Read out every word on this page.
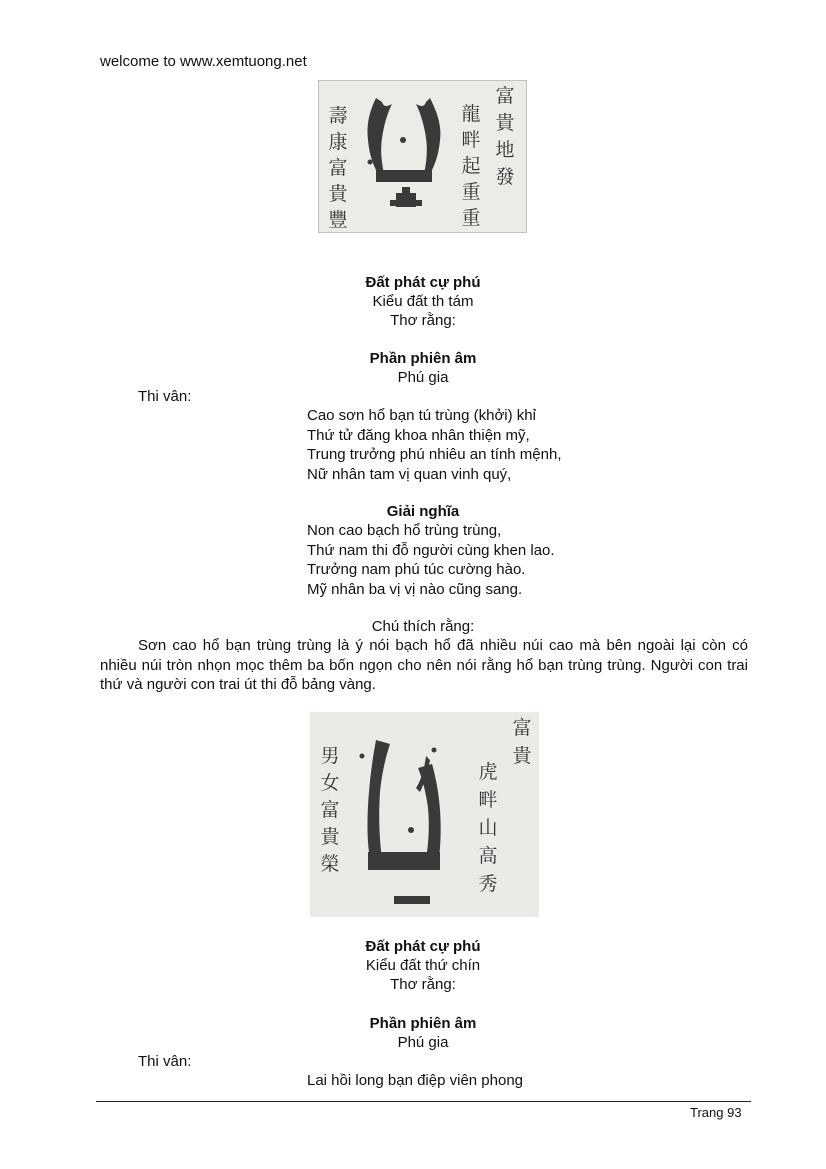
welcome to www.xemtuong.net
壽康富貴豐
富貴地發
龍畔起重重
Đất phát cự phú
Kiểu đất th tám
Thơ rằng:
Phần phiên âm
Phú gia
Thi vân:
Cao sơn hổ bạn tú trùng (khởi) khỉ
Thứ tử đăng khoa nhân thiện mỹ,
Trung trưởng phú nhiêu an tính mệnh,
Nữ nhân tam vị quan vinh quý,
Giải nghĩa
Non cao bạch hổ trùng trùng,
Thứ nam thi đỗ người cùng khen lao.
Trưởng nam phú túc cường hào.
Mỹ nhân ba vị vị nào cũng sang.
Chú thích rằng:

Sơn cao hổ bạn trùng trùng là ý nói bạch hổ đã nhiều núi cao mà bên ngoài lại còn có nhiều núi tròn nhọn mọc thêm ba bốn ngọn cho nên nói rằng hổ bạn trùng trùng. Người con trai thứ và người con trai út thi đỗ bảng vàng.

男女富貴榮
富貴
虎畔山高秀
Đất phát cự phú
Kiểu đất thứ chín
Thơ rằng:
Phần phiên âm
Phú gia
Thi vân:
Lai hồi long bạn điệp viên phong
Trang 93
